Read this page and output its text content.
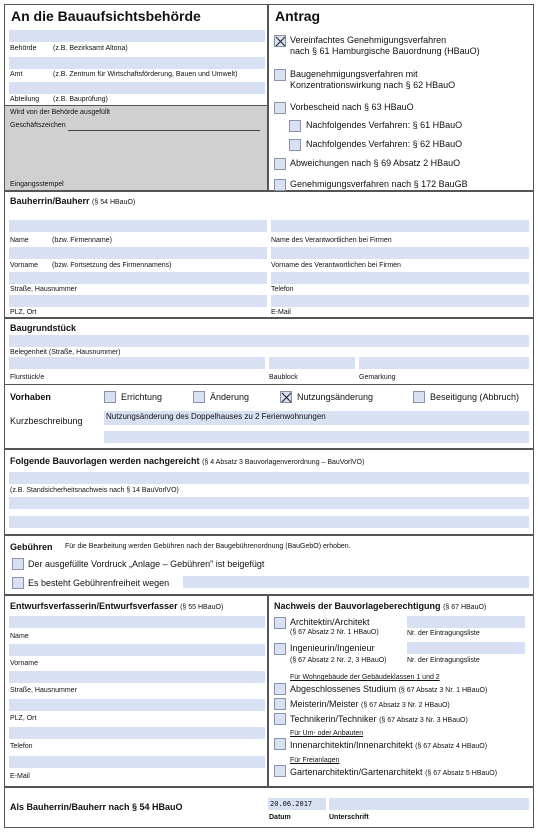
An die Bauaufsichtsbehörde
Behörde (z.B. Bezirksamt Altona)
Amt	(z.B. Zentrum für Wirtschaftsförderung, Bauen und Umwelt)
Abteilung (z.B. Bauprüfung)
Wird von der Behörde ausgefüllt
Geschäftszeichen
Eingangsstempel
Antrag
Vereinfachtes Genehmigungsverfahren
nach § 61 Hamburgische Bauordnung (HBauO)
Baugenehmigungsverfahren mit
Konzentrationswirkung nach § 62 HBauO
Vorbescheid nach § 63 HBauO
Nachfolgendes Verfahren: § 61 HBauO
Nachfolgendes Verfahren: § 62 HBauO
Abweichungen nach § 69 Absatz 2 HBauO
Genehmigungsverfahren nach § 172 BauGB
Bauherrin/Bauherr (§ 54 HBauO)
Name	(bzw. Firmenname)	Name des Verantwortlichen bei Firmen
Vorname (bzw. Fortsetzung des Firmennamens)	Vorname des Verantwortlichen bei Firmen
Straße, Hausnummer	Telefon
PLZ, Ort	E-Mail
Baugrundstück
Belegenheit (Straße, Hausnummer)
Flurstück/e	Baublock	Gemarkung
Vorhaben	Errichtung	Änderung	Nutzungsänderung	Beseitigung (Abbruch)
Kurzbeschreibung	Nutzungsänderung des Doppelhauses zu 2 Ferienwohnungen
Folgende Bauvorlagen werden nachgereicht (§ 4 Absatz 3 Bauvorlagenverordnung – BauVorlVO)
(z.B. Standsicherheitsnachweis nach § 14 BauVorlVO)
Gebühren Für die Bearbeitung werden Gebühren nach der Baugebührenordnung (BauGebO) erhoben.
Der ausgefüllte Vordruck „Anlage – Gebühren" ist beigefügt
Es besteht Gebührenfreiheit wegen
Entwurfsverfasserin/Entwurfsverfasser (§ 55 HBauO)
Name
Vorname
Straße, Hausnummer
PLZ, Ort
Telefon
E-Mail
Nachweis der Bauvorlageberechtigung (§ 67 HBauO)
Architektin/Architekt
(§ 67 Absatz 2 Nr. 1 HBauO)	Nr. der Eintragungsliste
Ingenieurin/Ingenieur
(§ 67 Absatz 2 Nr. 2, 3 HBauO)	Nr. der Eintragungsliste
Für Wohngebäude der Gebäudeklassen 1 und 2
Abgeschlossenes Studium (§ 67 Absatz 3 Nr. 1 HBauO)
Meisterin/Meister (§ 67 Absatz 3 Nr. 2 HBauO)
Technikerin/Techniker (§ 67 Absatz 3 Nr. 3 HBauO)
Für Um- oder Anbauten
Innenarchitektin/Innenarchitekt (§ 67 Absatz 4 HBauO)
Für Freianlagen
Gartenarchitektin/Gartenarchitekt (§ 67 Absatz 5 HBauO)
Als Bauherrin/Bauherr nach § 54 HBauO	20.06.2017
Datum	Unterschrift
